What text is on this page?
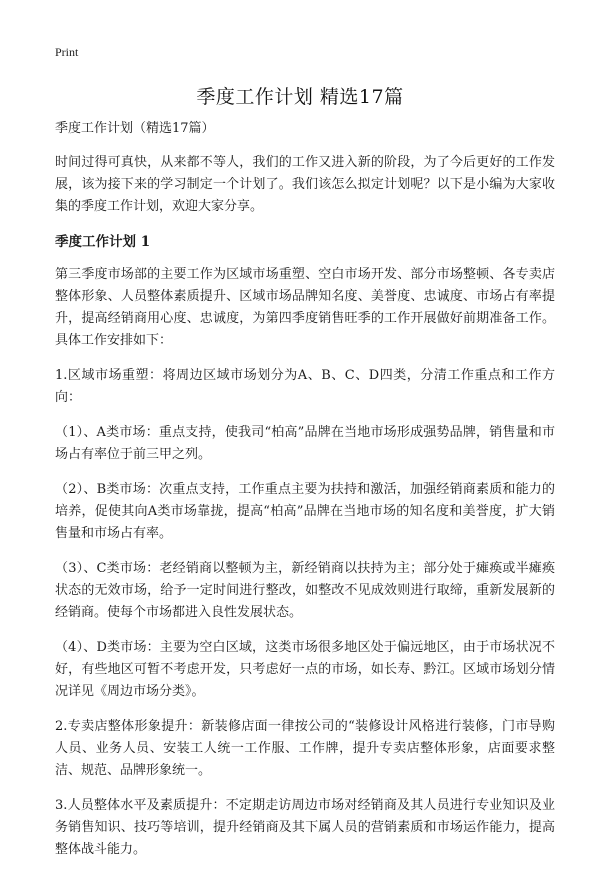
Print
季度工作计划 精选17篇

季度工作计划（精选17篇）

时间过得可真快，从来都不等人，我们的工作又进入新的阶段，为了今后更好的工作发展，该为接下来的学习制定一个计划了。我们该怎么拟定计划呢？以下是小编为大家收集的季度工作计划，欢迎大家分享。

季度工作计划 1

第三季度市场部的主要工作为区域市场重塑、空白市场开发、部分市场整顿、各专卖店整体形象、人员整体素质提升、区域市场品牌知名度、美誉度、忠诚度、市场占有率提升，提高经销商用心度、忠诚度，为第四季度销售旺季的工作开展做好前期准备工作。具体工作安排如下：

1.区域市场重塑：将周边区域市场划分为A、B、C、D四类，分清工作重点和工作方向：

（1）、A类市场：重点支持，使我司“柏高”品牌在当地市场形成强势品牌，销售量和市场占有率位于前三甲之列。

（2）、B类市场：次重点支持，工作重点主要为扶持和激活，加强经销商素质和能力的培养，促使其向A类市场靠拢，提高“柏高”品牌在当地市场的知名度和美誉度，扩大销售量和市场占有率。

（3）、C类市场：老经销商以整顿为主，新经销商以扶持为主；部分处于瘫痪或半瘫痪状态的无效市场，给予一定时间进行整改，如整改不见成效则进行取缔，重新发展新的经销商。使每个市场都进入良性发展状态。

（4）、D类市场：主要为空白区域，这类市场很多地区处于偏远地区，由于市场状况不好，有些地区可暂不考虑开发，只考虑好一点的市场，如长寿、黔江。区域市场划分情况详见《周边市场分类》。

2.专卖店整体形象提升：新装修店面一律按公司的“装修设计风格进行装修，门市导购人员、业务人员、安装工人统一工作服、工作牌，提升专卖店整体形象，店面要求整洁、规范、品牌形象统一。

3.人员整体水平及素质提升：不定期走访周边市场对经销商及其人员进行专业知识及业务销售知识、技巧等培训，提升经销商及其下属人员的营销素质和市场运作能力，提高整体战斗能力。
